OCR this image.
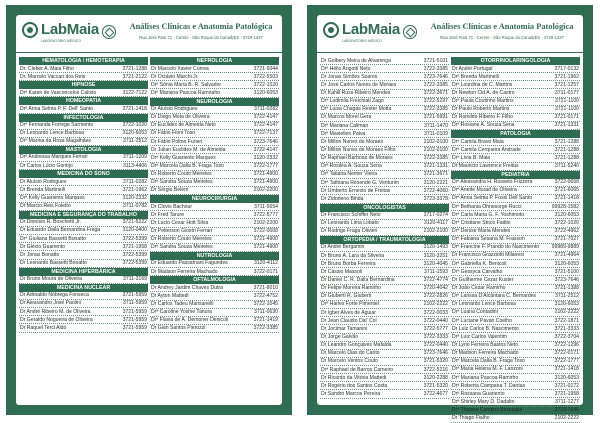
LabMaia
LABORATÓRIO MÉDICO
Análises Clínicas e Anatomia Patológica
Rua José Rosi 71 - Centro - São Roque do Canaã/ES · 3729-1337
HEMATOLOGIA / HEMOTERAPIA
Dr. Cleber A. Maia Filho	3721-1288
Dr. Marcelo Vaccari dos Reis	3721-2122
HIPNOSE
Drª Karen de Vasconcelos Calixto	3122-7122
HOMEOPATIA
Drª Anna Selma P. F. Dell' Santo	3721-1418
INFECTOLOGIA
Drª Fernanda Forrege Sarmento	3722-1020
Dr Leonardo Lence Barbosa	3120-6053
Drª Marina da Rosa Magalhães	3711-2512
MASTOLOGIA
Drª Andressa Marques Ferrari	3711-1209
Dr Carlos Lúcio Gontijo	3113-4406
MEDICINA DO SONO
Dr Aluísio Rodrigues	3711-0282
Dr Brenda Martinelli	3721-1962
Drª Kelly Guariento Marques	3120-2332
Dr Marcio Reis Foletto	3711-0782
MEDICINA E SEGURANÇA DO TRABALHO
Dr Dionísio R. Boschetti Jr.	3721-5222
Dr Eduardo Dalla Bernardina Fraga	3120-0400
Drª Giuliana Bassetti Bonatto	3722-5399
Dr Glécio Guariento	3721-1958
Dr Jonas Bonatto	3722-5399
Dr Leonardo Bassetti Bonatto	3722-5399
MEDICINA HIPERBÁRICA
Dr Bruno Moura de Oliveira	3711-3169
MEDICINA NUCLEAR
Dr Adroaldo Nóbrega Fonseca	3721-5959
Dr Alessandro José Paolini	3711-5959
Dr André Ribeiro M. de Oliveira	3721-5959
Dr Geraldo Nogueira de Oliveira	3721-5959
Dr Raquel Terci Aldo	3721-5959
NEFROLOGIA
Dr Marcelo Xavier Correa	3721-5044
Dr Octávio Marchi Jr.	3722-5503
Drª Sônia Maria B. R. Salvador	3722-1020
Drª Mariana Pascoa Ramiraho	3120-6053
NEUROLOGIA
Dr Aluísio Rodrigues	3711-0282
Dr Diogo Mota de Oliveira	3722-4147
Dr Euclides de Almeida Neto	3722-4147
Dr Fábio Fioni Toso	3722-7137
Dr Fábio Polton Furieri	3723-7646
Dr Julian Euclides M. de Almeida	3722-4147
Drª Kelly Guariento Marques	3120-2332
Drª Marcela Dalla B. Fraga Toso	3722-1777
Dr Roberto Couto Meireles	3721-4900
Drª Sandra Souza Meireles	3721-4900
Dr Sérgio Belém	2102-2200
NEUROCIRURGIA
Dr Clovis Bachour	3711-5654
Dr Fred Tarure	3722-5777
Dr Lucio Cesar Hott Silva	2102-2200
Dr Petterson Giostri Ferrari	3722-0008
Dr Roberto Couto Meireles	3721-4900
Drª Sandra Souza Meireles	3721-4900
NUTROLOGIA
Dr Eduardo Passamani Fagundes	3120-4112
Dr Madson Ferreira Machado	3722-0171
OFTALMOLOGIA
Dr Andrey Jardim Chaves Dutra	3721-8010
Dr Ayton Mattedi	3722-4752
Dr Carlos Tadeu Mansanelli	3722-1045
Drª Caroline Yoshie Tanura	3711-0630
Drª Flavia de A. Demoner Denicoli	3721-1419
Dr Gian Santos Pierozzi	3722-3385
LabMaia
LABORATÓRIO MÉDICO
Análises Clínicas e Anatomia Patológica
Rua José Rosi 71 - Centro - São Roque do Canaã/ES · 3729-1337
Dr Golbery Meira de Alvarenga	3721-5101
Drª Hélio Angotti Neto	3722-3385
Dr Jonas Simões Soares	3723-7646
Dr José Carlos Nunes de Moraes	3722-3385
Dr Kahlil Russ Ribeiro Mendes	3722-3671
Drª Ludimila Freichiati Zago	3722-5297
Drª Luisa Chagas Rester Motta	3722-3385
Dr Marcos Morel Gera	3721-5991
Drª Mariana Caliman	3711-1470
Drª Maxiellen Paiva	3711-0109
Dr Milton Nunes de Moraes	2102-0100
Dr Milton Nunes de Moraes Filho	2102-0100
Dr Raphael Barbosa de Moraes	3722-3385
Drª Rosiléa A. Souza Sena	3721-1331
Drª Tatiana Nemer Vieira	3721-3671
Drª Tathiana Resende G. Venturim	3120-2221
Dr Umberto Ernesto de Freitas	3722-4060
Dr Zidorleno Binda	3723-3378
ONCOLOGISTAS
Dr Francisco Schiffer Neto	3717-0274
Dr Leonardo Lima Lobato	3120-4117
Dr Rodrigo Fraga Olivieri	2102-2100
ORTOPEDIA / TRAUMATOLOGIA
Dr André Bergamin	3120-1493
Dr Bruno A. Lara da Silveira	3120-3251
Dr Bruno Borba Ferreira	3120-4045
Dr Cássio Massoli	3711-1593
Dr Daniel C. R. Dalla Bernardina	3722-4774
Dr Felipe Moreira Ramirho	3720-4042
Dr Giuberti R. Giuberti	3722-2826
Drª Harles Forte Pimentel	2102-2222
Dr Igber Alves de Aguiar	3722-0033
Dr Jean Claudio Dal' Col	3722-0440
Dr Jocimar Tamanini	3722-5777
Dr Jorge Galvão	3722-3333
Dr Leandro Gonçalves Mafalda	3722-0440
Dr Marcelo Dias do Canto	3723-7646
Dr Marcelo Ventos Couto	3721-5320
Drª Raphael de Barros Carneiro	3722-5216
Dr Ricardo da Vitória Mattedi	3120-2288
Dr Rogério dos Santos Costa	3721-5320
Dr Sandro Marcos Pereira	3722-4677
OTORRINOLARINGOLOGIA
Dr André Portugal	3717-0132
Drª Brenda Martinelli	3721-1962
Drª Lourdina de C. Martins	3721-1257
Dr Newton Cid A. de Castro	3711-0177
Drª Paula Coutinho Martins	3721-1100
Dr Paulo Roberto Martins	3721-1100
Dr Romildo Ribeiro F. Filho	3721-0171
Drª Rosiane A. Souza Sena	3721-1331
PATOLOGIA
Drª Camila Bravo Maia	3721-1288
Drª Camila Cerqueira Andrade	3721-1288
Drª Lívia B. Maia	3721-1288
Dr Mauricio Lawrence Freitas	3711-5240
PEDIATRIA
Drª Alessandra H. Rosseto Frizzera	3722-0658
Drª Anette Murad de Oliveira	3721-6065
Drª Anna Selma P. Fossi Dell Santo	3721-1418
Drª Bethania Ohnesorge Rucci	99928-1582
Drª Carla Maria G. F. Yoshimoto	3120-6053
Drª Cristiane Stoco Fadini	3722-1020
Drª Denise Maria Mendes	3722-4962
Drª Fabiana Sesana M. Frasson	3721-7027
Drª Francine F. Prando do Nascimento	99989-9889
Dr Francisco Grazziotti Milanesi	3721-4964
Drª Gabriella K. Benicoli	3120-6053
Drª Gessyca Carvalho	3721-5100
Dr Guilherme Cezar Kuster	3723-7646
Dr João Cezar Ramirho	3721-1388
Drª Larissa D'Alcântara C. Bernardes	3711-2512
Dr Leonardo Lence Barbosa	3120-6053
Drª Luana Contadini	2102-2222
Drª Luciane Pavan Coelho	3722-1871
Dr Luiz Carlos B. Nascimento	3721-3333
Drª Luiz Carlos Valentim	3722-3704
Dr Lyrio Ferreira Bastos Neto	3722-1296
Dr Madson Ferreira Machado	3722-0171
Drª Marcela Dalla B. Fraga Toso	3722-1777
Drª Maria Helena M. F. Lanzoni	3721-1418
Drª Mariana Pascoa Ramirho	3120-6053
Drª Roberta Campana T. Dantas	3721-0172
Drª Rossana Guariento	3721-1958
Drª Shirley Mary D. Dadalto	3711-1277
Drª Thaissa Campos Bascaglia	3723-7646
Dr Thiago Fialho	2102-2222
